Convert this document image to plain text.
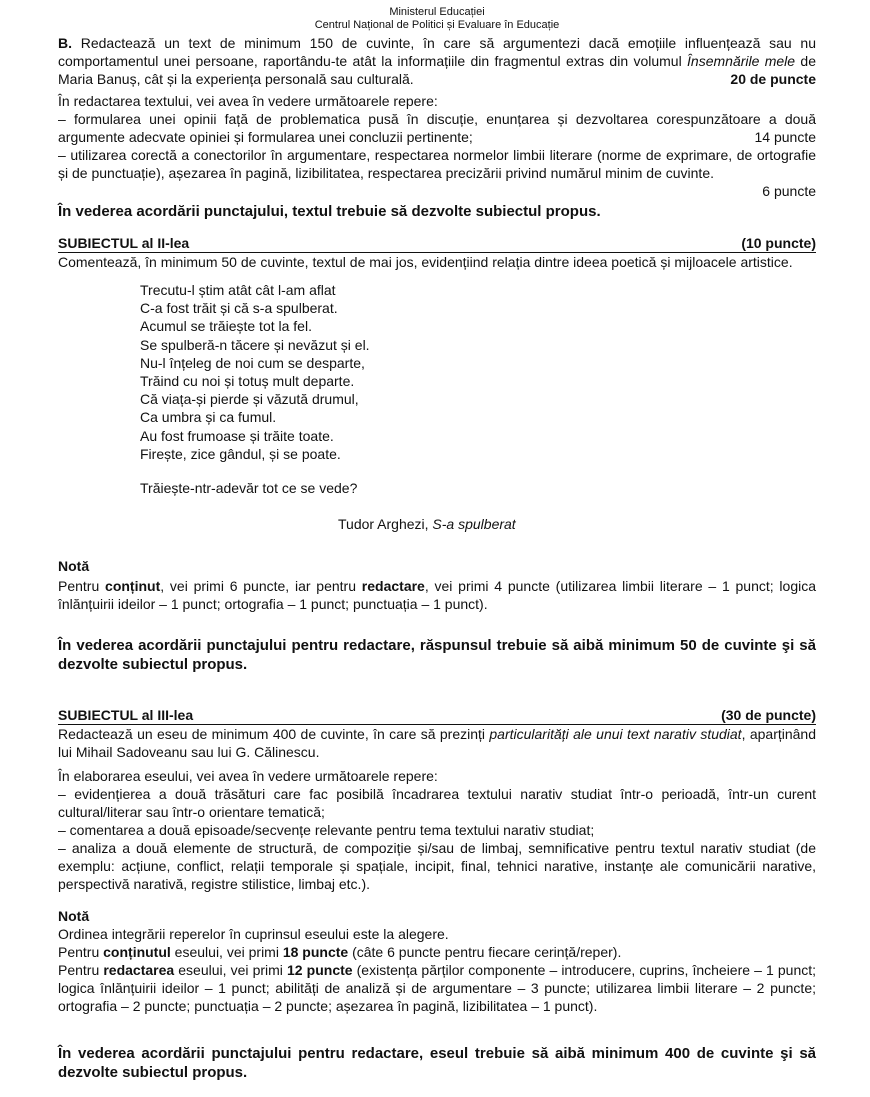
Ministerul Educației
Centrul Național de Politici și Evaluare în Educație

B. Redactează un text de minimum 150 de cuvinte, în care să argumentezi dacă emoțiile influențează sau nu comportamentul unei persoane, raportându-te atât la informațiile din fragmentul extras din volumul Însemnările mele de Maria Banuș, cât și la experiența personală sau culturală.	20 de puncte

În redactarea textului, vei avea în vedere următoarele repere:

– formularea unei opinii față de problematica pusă în discuție, enunțarea și dezvoltarea corespunzătoare a două argumente adecvate opiniei și formularea unei concluzii pertinente;	14 puncte

– utilizarea corectă a conectorilor în argumentare, respectarea normelor limbii literare (norme de exprimare, de ortografie și de punctuație), așezarea în pagină, lizibilitatea, respectarea precizării privind numărul minim de cuvinte.

6 puncte

În vederea acordării punctajului, textul trebuie să dezvolte subiectul propus.

SUBIECTUL al II-lea	(10 puncte)

Comentează, în minimum 50 de cuvinte, textul de mai jos, evidențiind relația dintre ideea poetică și mijloacele artistice.

Trecutu-l știm atât cât l-am aflat
C-a fost trăit și că s-a spulberat.
Acumul se trăiește tot la fel.
Se spulberă-n tăcere și nevăzut și el.
Nu-l înțeleg de noi cum se desparte,
Trăind cu noi și totuș mult departe.
Că viața-și pierde și văzută drumul,
Ca umbra și ca fumul.
Au fost frumoase și trăite toate.
Firește, zice gândul, și se poate.
Trăiește-ntr-adevăr tot ce se vede?

Tudor Arghezi, S-a spulberat

Notă

Pentru conținut, vei primi 6 puncte, iar pentru redactare, vei primi 4 puncte (utilizarea limbii literare – 1 punct; logica înlănțuirii ideilor – 1 punct; ortografia – 1 punct; punctuația – 1 punct).

În vederea acordării punctajului pentru redactare, răspunsul trebuie să aibă minimum 50 de cuvinte şi să dezvolte subiectul propus.

SUBIECTUL al III-lea	(30 de puncte)

Redactează un eseu de minimum 400 de cuvinte, în care să prezinți particularități ale unui text narativ studiat, aparținând lui Mihail Sadoveanu sau lui G. Călinescu.

În elaborarea eseului, vei avea în vedere următoarele repere:

– evidențierea a două trăsături care fac posibilă încadrarea textului narativ studiat într-o perioadă, într-un curent cultural/literar sau într-o orientare tematică;

– comentarea a două episoade/secvențe relevante pentru tema textului narativ studiat;

– analiza a două elemente de structură, de compoziție și/sau de limbaj, semnificative pentru textul narativ studiat (de exemplu: acțiune, conflict, relații temporale și spațiale, incipit, final, tehnici narative, instanțe ale comunicării narative, perspectivă narativă, registre stilistice, limbaj etc.).

Notă

Ordinea integrării reperelor în cuprinsul eseului este la alegere.

Pentru conținutul eseului, vei primi 18 puncte (câte 6 puncte pentru fiecare cerință/reper).

Pentru redactarea eseului, vei primi 12 puncte (existența părților componente – introducere, cuprins, încheiere – 1 punct; logica înlănțuirii ideilor – 1 punct; abilități de analiză și de argumentare – 3 puncte; utilizarea limbii literare – 2 puncte; ortografia – 2 puncte; punctuația – 2 puncte; așezarea în pagină, lizibilitatea – 1 punct).

În vederea acordării punctajului pentru redactare, eseul trebuie să aibă minimum 400 de cuvinte şi să dezvolte subiectul propus.
